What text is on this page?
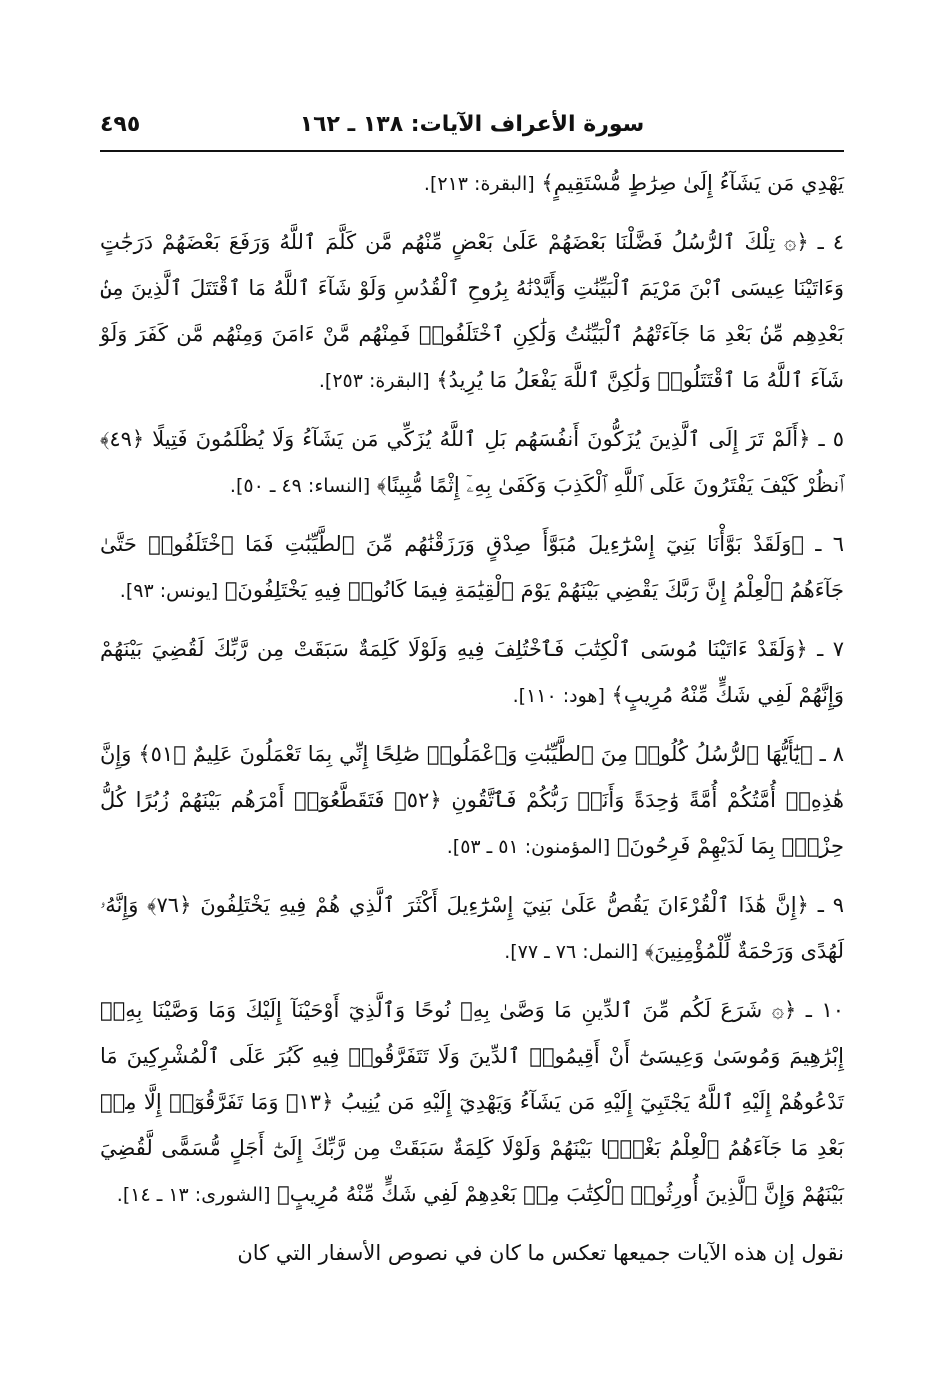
سورة الأعراف الآيات: ١٣٨ ـ ١٦٢
٤٩٥

يَهْدِي مَن يَشَآءُ إِلَىٰ صِرَٰطٍ مُّسْتَقِيمٍ﴾ [البقرة: ٢١٣].

٤ ـ ﴿۞ تِلْكَ ٱلرُّسُلُ فَضَّلْنَا بَعْضَهُمْ عَلَىٰ بَعْضٍ مِّنْهُم مَّن كَلَّمَ ٱللَّهُ وَرَفَعَ بَعْضَهُمْ دَرَجَٰتٍ وَءَاتَيْنَا عِيسَى ٱبْنَ مَرْيَمَ ٱلْبَيِّنَٰتِ وَأَيَّدْنَٰهُ بِرُوحِ ٱلْقُدُسِ وَلَوْ شَآءَ ٱللَّهُ مَا ٱقْتَتَلَ ٱلَّذِينَ مِنۢ بَعْدِهِم مِّنۢ بَعْدِ مَا جَآءَتْهُمُ ٱلْبَيِّنَٰتُ وَلَٰكِنِ ٱخْتَلَفُوا۟ فَمِنْهُم مَّنْ ءَامَنَ وَمِنْهُم مَّن كَفَرَ وَلَوْ شَآءَ ٱللَّهُ مَا ٱقْتَتَلُوا۟ وَلَٰكِنَّ ٱللَّهَ يَفْعَلُ مَا يُرِيدُ﴾ [البقرة: ٢٥٣].

٥ ـ ﴿أَلَمْ تَرَ إِلَى ٱلَّذِينَ يُزَكُّونَ أَنفُسَهُم بَلِ ٱللَّهُ يُزَكِّي مَن يَشَآءُ وَلَا يُظْلَمُونَ فَتِيلًا ﴿٤٩﴾ ٱنظُرْ كَيْفَ يَفْتَرُونَ عَلَى ٱللَّهِ ٱلْكَذِبَ وَكَفَىٰ بِهِۦٓ إِثْمًا مُّبِينًا﴾ [النساء: ٤٩ ـ ٥٠].

٦ ـ ﴿وَلَقَدْ بَوَّأْنَا بَنِيٓ إِسْرَٰٓءِيلَ مُبَوَّأَ صِدْقٍ وَرَزَقْنَٰهُم مِّنَ ٱلطَّيِّبَٰتِ فَمَا ٱخْتَلَفُوا۟ حَتَّىٰ جَآءَهُمُ ٱلْعِلْمُ إِنَّ رَبَّكَ يَقْضِي بَيْنَهُمْ يَوْمَ ٱلْقِيَٰمَةِ فِيمَا كَانُوا۟ فِيهِ يَخْتَلِفُونَ﴾ [يونس: ٩٣].

٧ ـ ﴿وَلَقَدْ ءَاتَيْنَا مُوسَى ٱلْكِتَٰبَ فَٱخْتُلِفَ فِيهِ وَلَوْلَا كَلِمَةٌ سَبَقَتْ مِن رَّبِّكَ لَقُضِيَ بَيْنَهُمْ وَإِنَّهُمْ لَفِي شَكٍّ مِّنْهُ مُرِيبٍ﴾ [هود: ١١٠].

٨ ـ ﴿يَٰٓأَيُّهَا ٱلرُّسُلُ كُلُوا۟ مِنَ ٱلطَّيِّبَٰتِ وَٱعْمَلُوا۟ صَٰلِحًا إِنِّي بِمَا تَعْمَلُونَ عَلِيمٌ ﴿٥١﴾ وَإِنَّ هَٰذِهِۦٓ أُمَّتُكُمْ أُمَّةً وَٰحِدَةً وَأَنَا۠ رَبُّكُمْ فَٱتَّقُونِ ﴿٥٢﴾ فَتَقَطَّعُوٓا۟ أَمْرَهُم بَيْنَهُمْ زُبُرًا كُلُّ حِزْبٍۭ بِمَا لَدَيْهِمْ فَرِحُونَ﴾ [المؤمنون: ٥١ ـ ٥٣].

٩ ـ ﴿إِنَّ هَٰذَا ٱلْقُرْءَانَ يَقُصُّ عَلَىٰ بَنِيٓ إِسْرَٰٓءِيلَ أَكْثَرَ ٱلَّذِي هُمْ فِيهِ يَخْتَلِفُونَ ﴿٧٦﴾ وَإِنَّهُۥ لَهُدًى وَرَحْمَةٌ لِّلْمُؤْمِنِينَ﴾ [النمل: ٧٦ ـ ٧٧].

١٠ ـ ﴿۞ شَرَعَ لَكُم مِّنَ ٱلدِّينِ مَا وَصَّىٰ بِهِۦ نُوحًا وَٱلَّذِيٓ أَوْحَيْنَآ إِلَيْكَ وَمَا وَصَّيْنَا بِهِۦٓ إِبْرَٰهِيمَ وَمُوسَىٰ وَعِيسَىٰٓ أَنْ أَقِيمُوا۟ ٱلدِّينَ وَلَا تَتَفَرَّقُوا۟ فِيهِ كَبُرَ عَلَى ٱلْمُشْرِكِينَ مَا تَدْعُوهُمْ إِلَيْهِ ٱللَّهُ يَجْتَبِيٓ إِلَيْهِ مَن يَشَآءُ وَيَهْدِيٓ إِلَيْهِ مَن يُنِيبُ ﴿١٣﴾ وَمَا تَفَرَّقُوٓا۟ إِلَّا مِنۢ بَعْدِ مَا جَآءَهُمُ ٱلْعِلْمُ بَغْيًۢا بَيْنَهُمْ وَلَوْلَا كَلِمَةٌ سَبَقَتْ مِن رَّبِّكَ إِلَىٰٓ أَجَلٍ مُّسَمًّى لَّقُضِيَ بَيْنَهُمْ وَإِنَّ ٱلَّذِينَ أُورِثُوا۟ ٱلْكِتَٰبَ مِنۢ بَعْدِهِمْ لَفِي شَكٍّ مِّنْهُ مُرِيبٍ﴾ [الشورى: ١٣ ـ ١٤].

نقول إن هذه الآيات جميعها تعكس ما كان في نصوص الأسفار التي كان
